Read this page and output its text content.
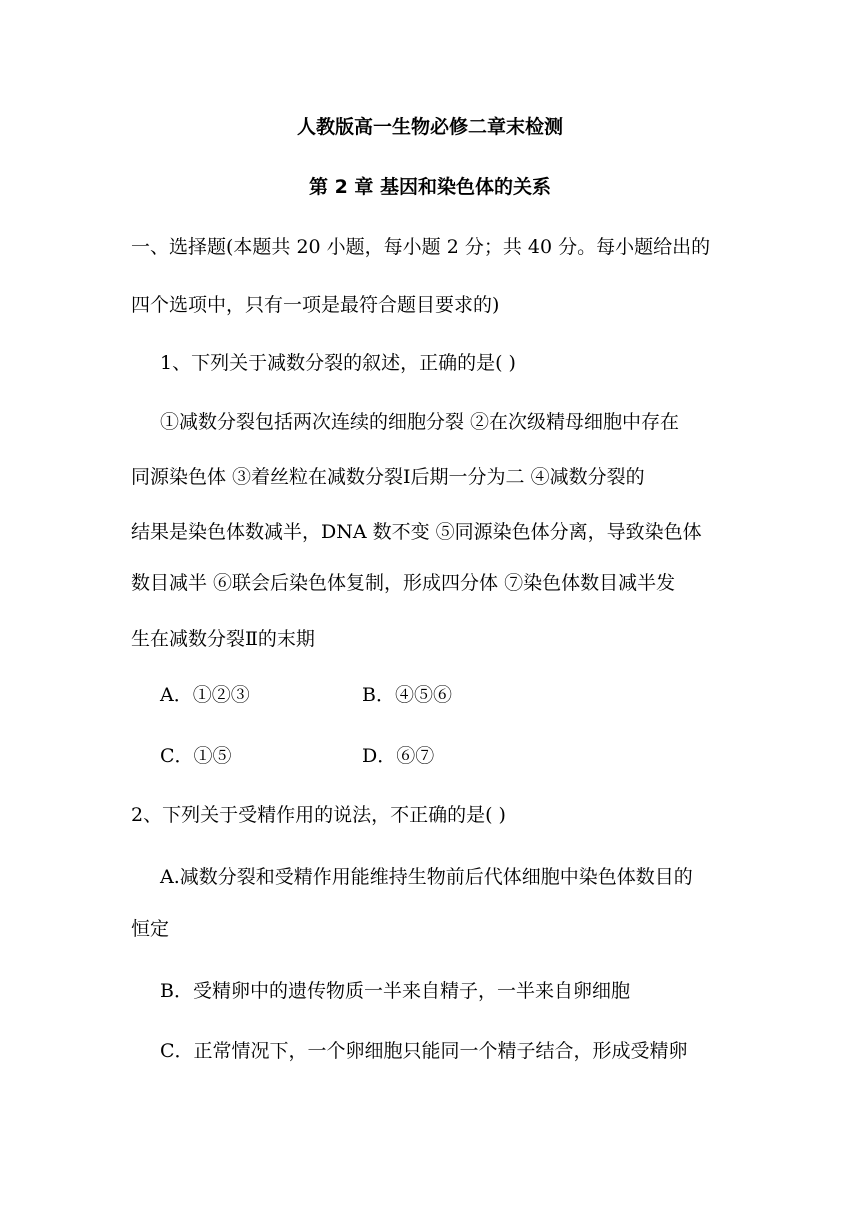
人教版高一生物必修二章末检测
第 2 章 基因和染色体的关系
一、选择题(本题共 20 小题，每小题 2 分；共 40 分。每小题给出的
四个选项中，只有一项是最符合题目要求的)
1、下列关于减数分裂的叙述，正确的是( )
①减数分裂包括两次连续的细胞分裂 ②在次级精母细胞中存在
同源染色体 ③着丝粒在减数分裂Ⅰ后期一分为二 ④减数分裂的
结果是染色体数减半，DNA 数不变 ⑤同源染色体分离，导致染色体
数目减半 ⑥联会后染色体复制，形成四分体 ⑦染色体数目减半发
生在减数分裂Ⅱ的末期
A．①②③	B．④⑤⑥
C．①⑤	D．⑥⑦
2、下列关于受精作用的说法，不正确的是( )
A.减数分裂和受精作用能维持生物前后代体细胞中染色体数目的
恒定
B．受精卵中的遗传物质一半来自精子，一半来自卵细胞
C．正常情况下，一个卵细胞只能同一个精子结合，形成受精卵
